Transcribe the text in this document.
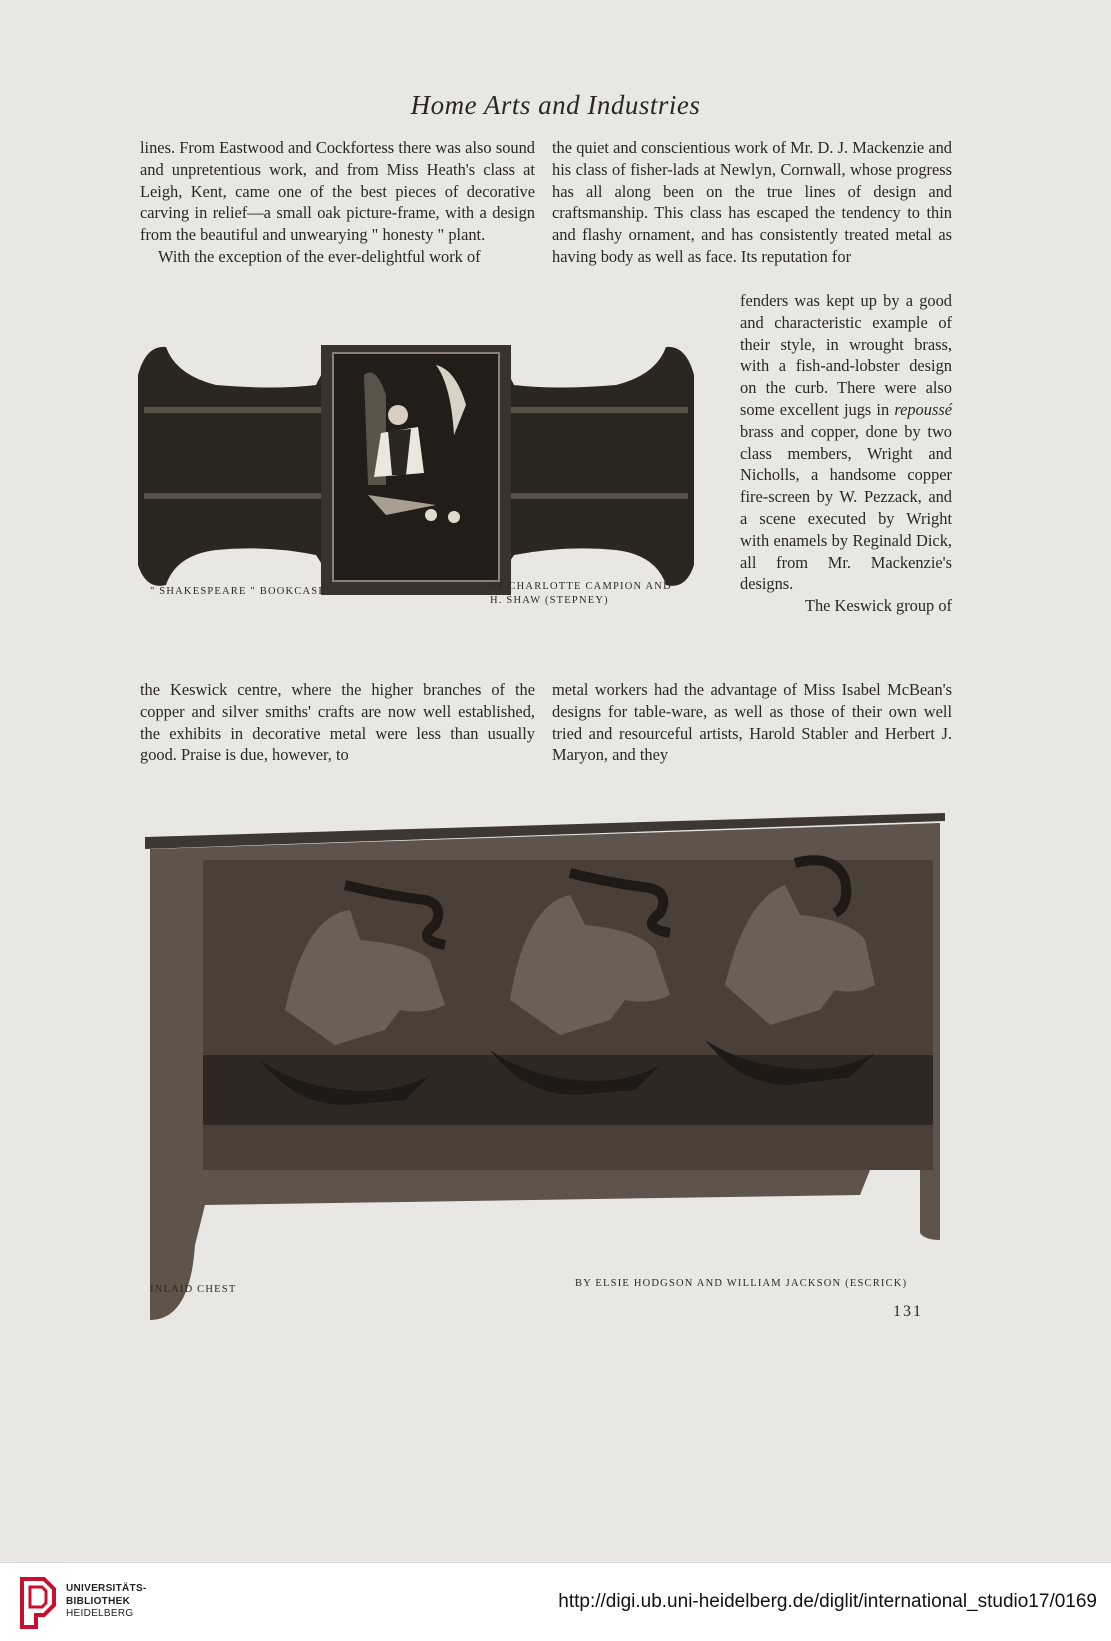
Home Arts and Industries

lines. From Eastwood and Cockfortess there was also sound and unpretentious work, and from Miss Heath's class at Leigh, Kent, came one of the best pieces of decorative carving in relief—a small oak picture-frame, with a design from the beautiful and unwearying " honesty " plant.

With the exception of the ever-delightful work of

the quiet and conscientious work of Mr. D. J. Mackenzie and his class of fisher-lads at Newlyn, Cornwall, whose progress has all along been on the true lines of design and craftsmanship. This class has escaped the tendency to thin and flashy ornament, and has consistently treated metal as having body as well as face. Its reputation for

fenders was kept up by a good and characteristic example of their style, in wrought brass, with a fish-and-lobster design on the curb. There were also some excellent jugs in repoussé brass and copper, done by two class members, Wright and Nicholls, a handsome copper fire-screen by W. Pezzack, and a scene executed by Wright with enamels by Reginald Dick, all from Mr. Mackenzie's designs.

The Keswick group of

" SHAKESPEARE " BOOKCASE	BY CHARLOTTE CAMPION AND
H. SHAW (STEPNEY)

the Keswick centre, where the higher branches of the copper and silver smiths' crafts are now well established, the exhibits in decorative metal were less than usually good. Praise is due, however, to

metal workers had the advantage of Miss Isabel McBean's designs for table-ware, as well as those of their own well tried and resourceful artists, Harold Stabler and Herbert J. Maryon, and they

INLAID CHEST
BY ELSIE HODGSON AND WILLIAM JACKSON (ESCRICK)
131
UNIVERSITÄTS-
BIBLIOTHEK
HEIDELBERG
http://digi.ub.uni-heidelberg.de/diglit/international_studio17/0169
